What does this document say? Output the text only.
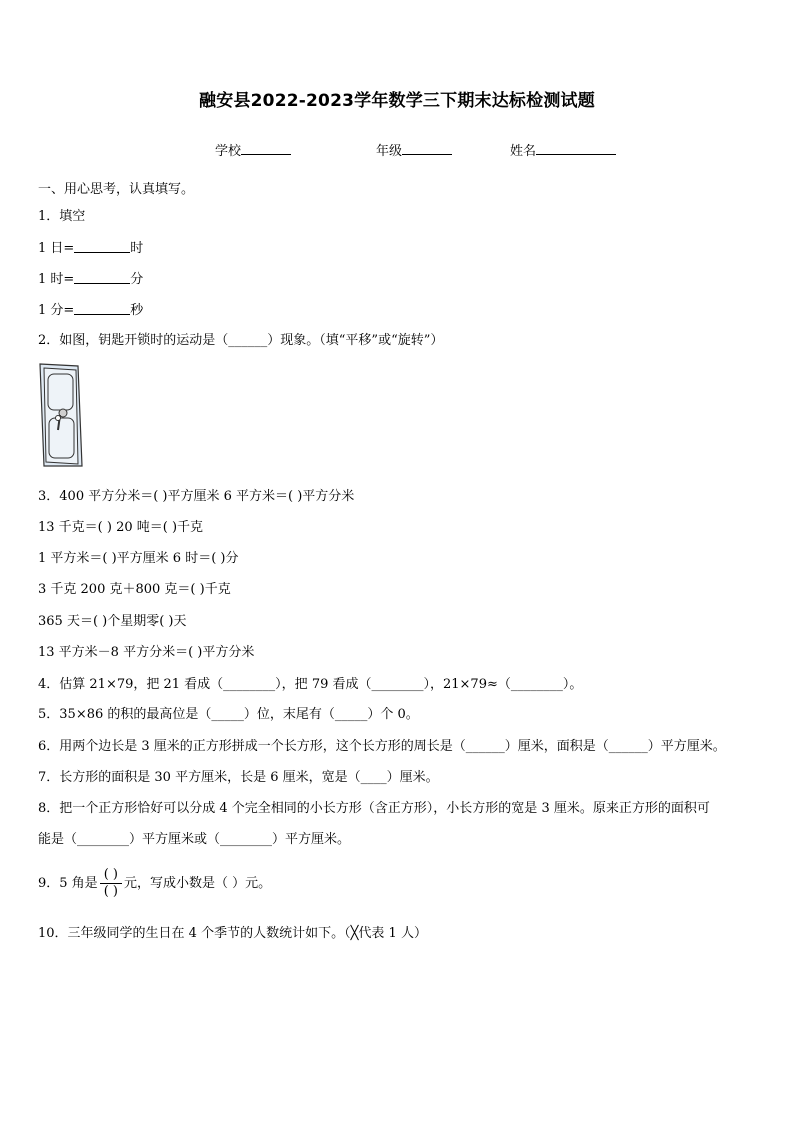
融安县2022-2023学年数学三下期末达标检测试题
学校	年级	姓名
一、用心思考，认真填写。
1．填空
1 日=	时
1 时=	分
1 分=	秒
2．如图，钥匙开锁时的运动是（______）现象。（填“平移”或“旋转”）
3．400 平方分米＝( )平方厘米 6 平方米＝( )平方分米
13 千克＝( ) 20 吨＝( )千克
1 平方米＝( )平方厘米 6 时＝( )分
3 千克 200 克＋800 克＝( )千克
365 天＝( )个星期零( )天
13 平方米－8 平方分米＝( )平方分米
4．估算 21×79，把 21 看成（________），把 79 看成（________），21×79≈（________）。
5．35×86 的积的最高位是（_____）位，末尾有（_____）个 0。
6．用两个边长是 3 厘米的正方形拼成一个长方形，这个长方形的周长是（______）厘米，面积是（______）平方厘米。
7．长方形的面积是 30 平方厘米，长是 6 厘米，宽是（____）厘米。
8．把一个正方形恰好可以分成 4 个完全相同的小长方形（含正方形），小长方形的宽是 3 厘米。原来正方形的面积可
能是（________）平方厘米或（________）平方厘米。
9．5 角是 $\frac{( )}{( )}$ 元，写成小数是（ ）元。
10．三年级同学的生日在 4 个季节的人数统计如下。（╳代表 1 人）
